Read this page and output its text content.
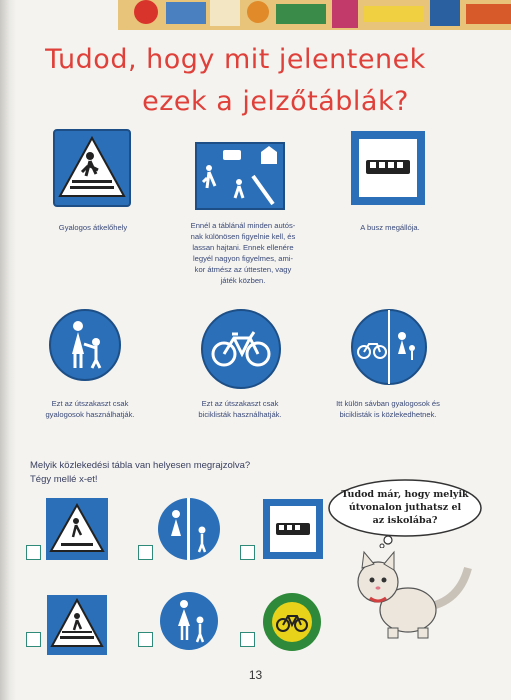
Tudod, hogy mit jelentenek
ezek a jelzőtáblák?
Gyalogos átkelőhely	Ennél a táblánál minden autós-
nak különösen figyelnie kell, és
lassan hajtani. Ennek ellenére
legyél nagyon figyelmes, ami-
kor átmész az úttesten, vagy
játék közben.
A busz megállója.
Ezt az útszakaszt csak
gyalogosok használhatják.
Ezt az útszakaszt csak
biciklisták használhatják.
Itt külön sávban gyalogosok és
biciklisták is közlekedhetnek.
Melyik közlekedési tábla van helyesen megrajzolva?
Tégy mellé x-et!
Tudod már, hogy melyik
útvonalon juthatsz el
az iskolába?
13
